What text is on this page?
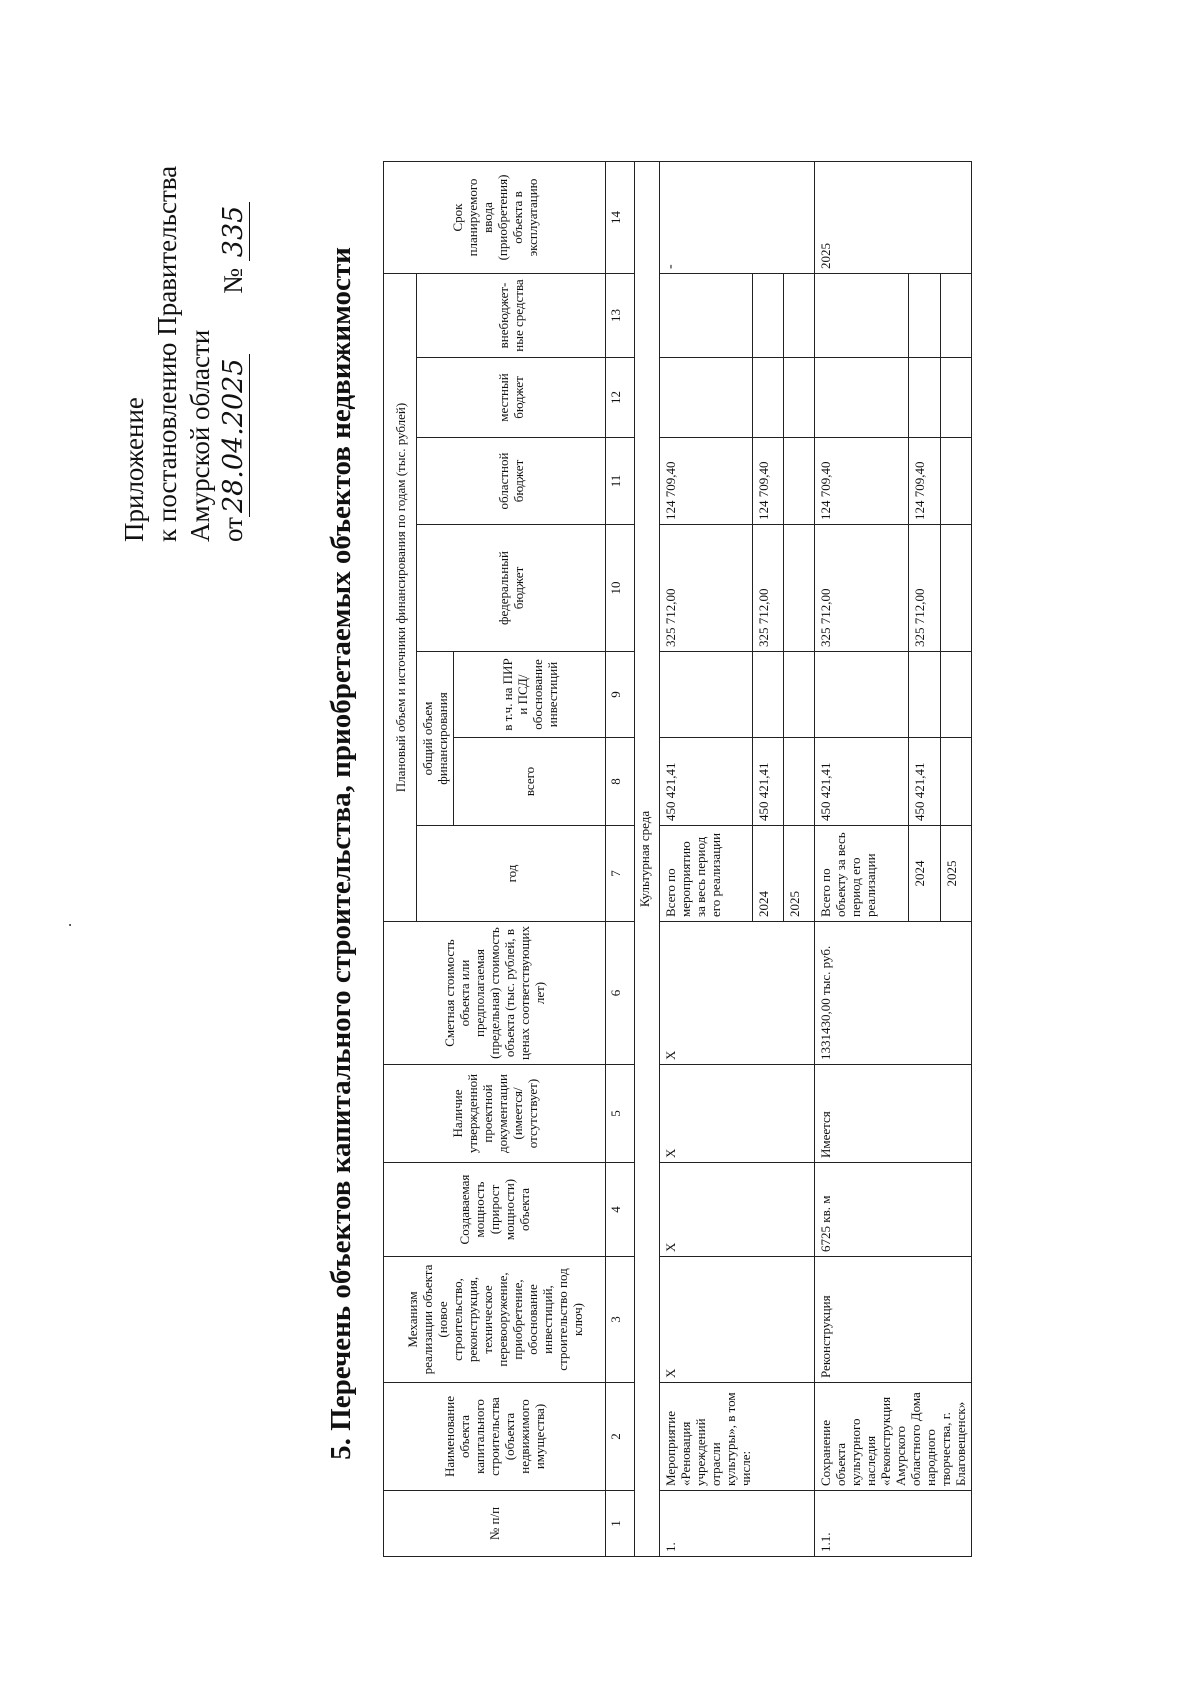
.
Приложение к постановлению Правительства Амурской области от28.04.2025         № 335
5. Перечень объектов капитального строительства, приобретаемых объектов недвижимости
№ п/п	Наименование объекта капитального строительства (объекта недвижимого имущества)	Механизм реализации объекта (новое строительство, реконструкция, техническое перевооружение, приобретение, обоснование инвестиций, строительство под ключ)	Создаваемая мощность (прирост мощности) объекта	Наличие утвержденной проектной документации (имеется/ отсутствует)	Сметная стоимость объекта или предполагаемая (предельная) стоимость объекта (тыс. рублей, в ценах соответствующих лет)	Плановый объем и источники финансирования по годам (тыс. рублей)							Срок планируемого ввода (приобретения) объекта в эксплуатацию
						год	общий объем финансирования		федеральный бюджет	областной бюджет	местный бюджет	внебюджет-ные средства	
							всего	в т.ч. на ПИР и ПСД/ обоснование инвестиций					
1	2	3	4	5	6	7	8	9	10	11	12	13	14
Культурная среда													
1.	Мероприятие «Реновация учреждений отрасли культуры», в том числе:	Х	Х	Х	Х	Всего по мероприятию за весь период его реализации	450 421,41		325 712,00	124 709,40			-
						2024	450 421,41		325 712,00	124 709,40			
						2025							
1.1.	Сохранение объекта культурного наследия «Реконструкция Амурского областного Дома народного творчества, г. Благовещенск»	Реконструкция	6725 кв. м	Имеется	1331430,00 тыс. руб.	Всего по объекту за весь период его реализации	450 421,41		325 712,00	124 709,40			2025
						2024	450 421,41		325 712,00	124 709,40			
						2025							
